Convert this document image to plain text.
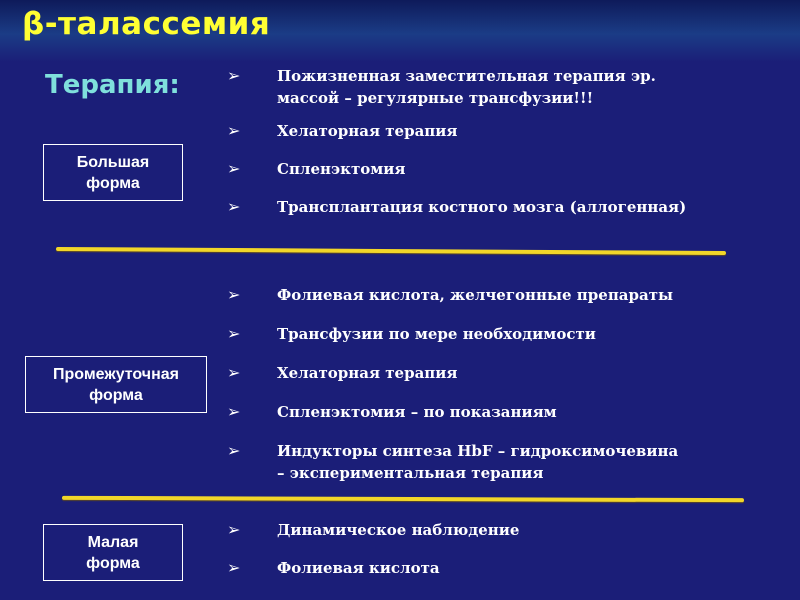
β-талассемия
Терапия:
Большая
форма
➢ Пожизненная заместительная терапия эр.
массой – регулярные трансфузии!!!
➢ Хелаторная терапия
➢ Спленэктомия
➢ Трансплантация костного мозга (аллогенная)
Промежуточная
форма
➢ Фолиевая кислота, желчегонные препараты
➢ Трансфузии по мере необходимости
➢ Хелаторная терапия
➢ Спленэктомия – по показаниям
➢ Индукторы синтеза HbF – гидроксимочевина
– экспериментальная терапия
Малая
форма
➢ Динамическое наблюдение
➢ Фолиевая кислота
